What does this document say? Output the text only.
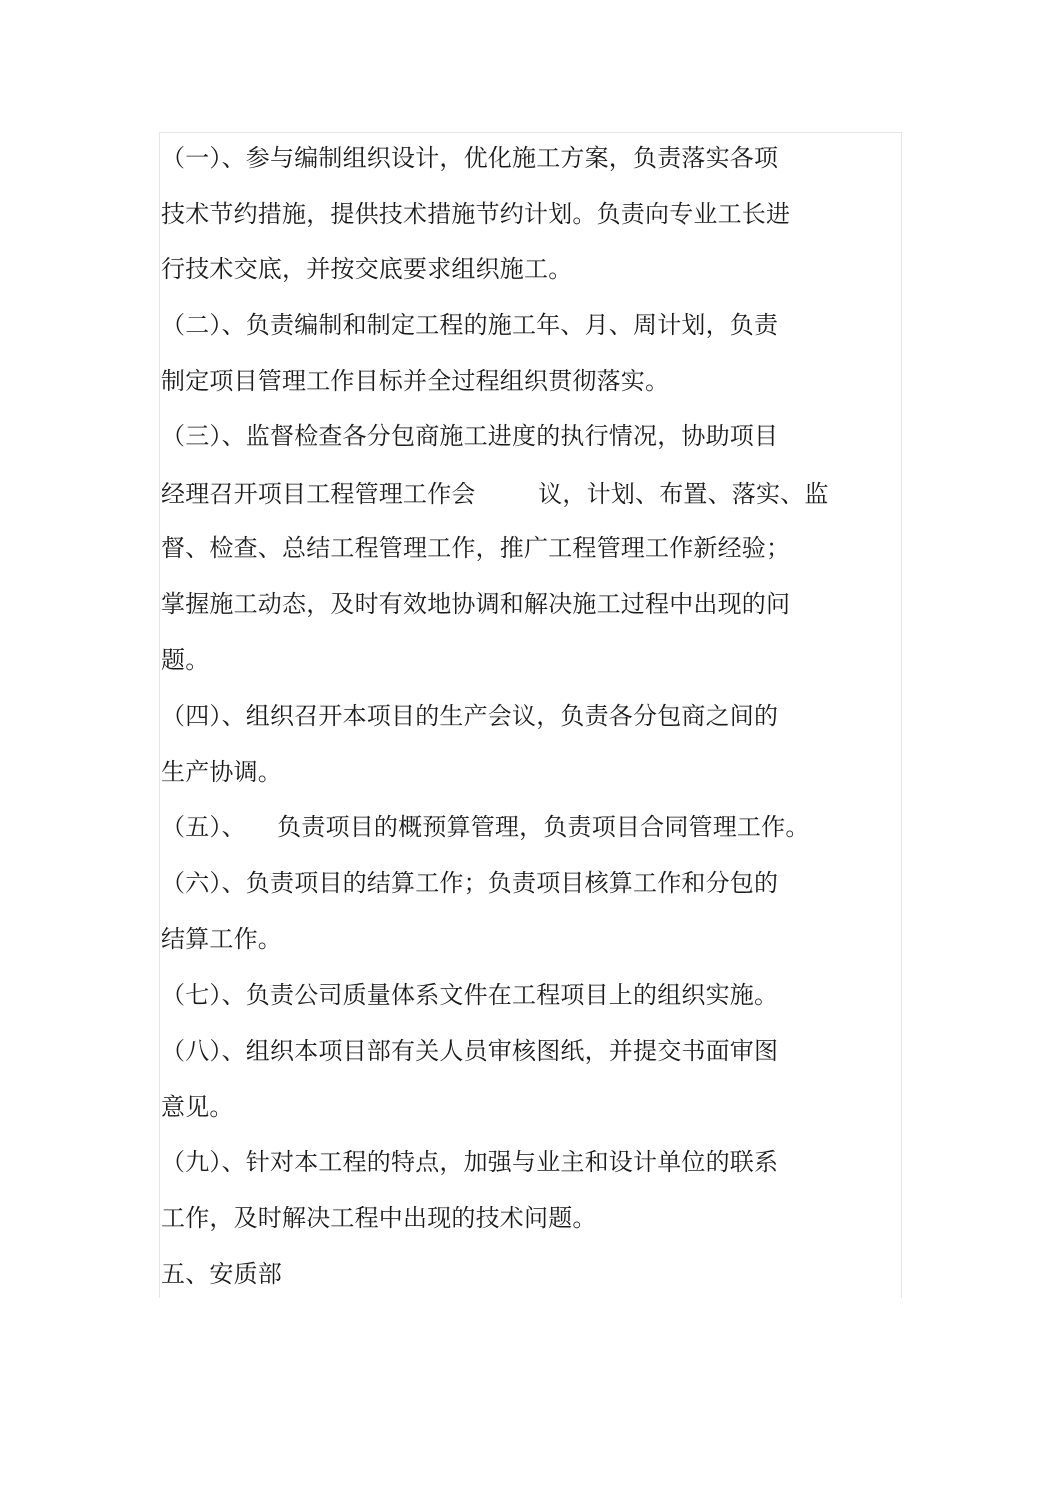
（一）、参与编制组织设计，优化施工方案，负责落实各项
技术节约措施，提供技术措施节约计划。负责向专业工长进
行技术交底，并按交底要求组织施工。
（二）、负责编制和制定工程的施工年、月、周计划，负责
制定项目管理工作目标并全过程组织贯彻落实。
（三）、监督检查各分包商施工进度的执行情况，协助项目
经理召开项目工程管理工作会        议，计划、布置、落实、监
督、检查、总结工程管理工作，推广工程管理工作新经验；
掌握施工动态，及时有效地协调和解决施工过程中出现的问
题。
（四）、组织召开本项目的生产会议，负责各分包商之间的
生产协调。
（五）、    负责项目的概预算管理，负责项目合同管理工作。
（六）、负责项目的结算工作；负责项目核算工作和分包的
结算工作。
（七）、负责公司质量体系文件在工程项目上的组织实施。
（八）、组织本项目部有关人员审核图纸，并提交书面审图
意见。
（九）、针对本工程的特点，加强与业主和设计单位的联系
工作，及时解决工程中出现的技术问题。
五、安质部
